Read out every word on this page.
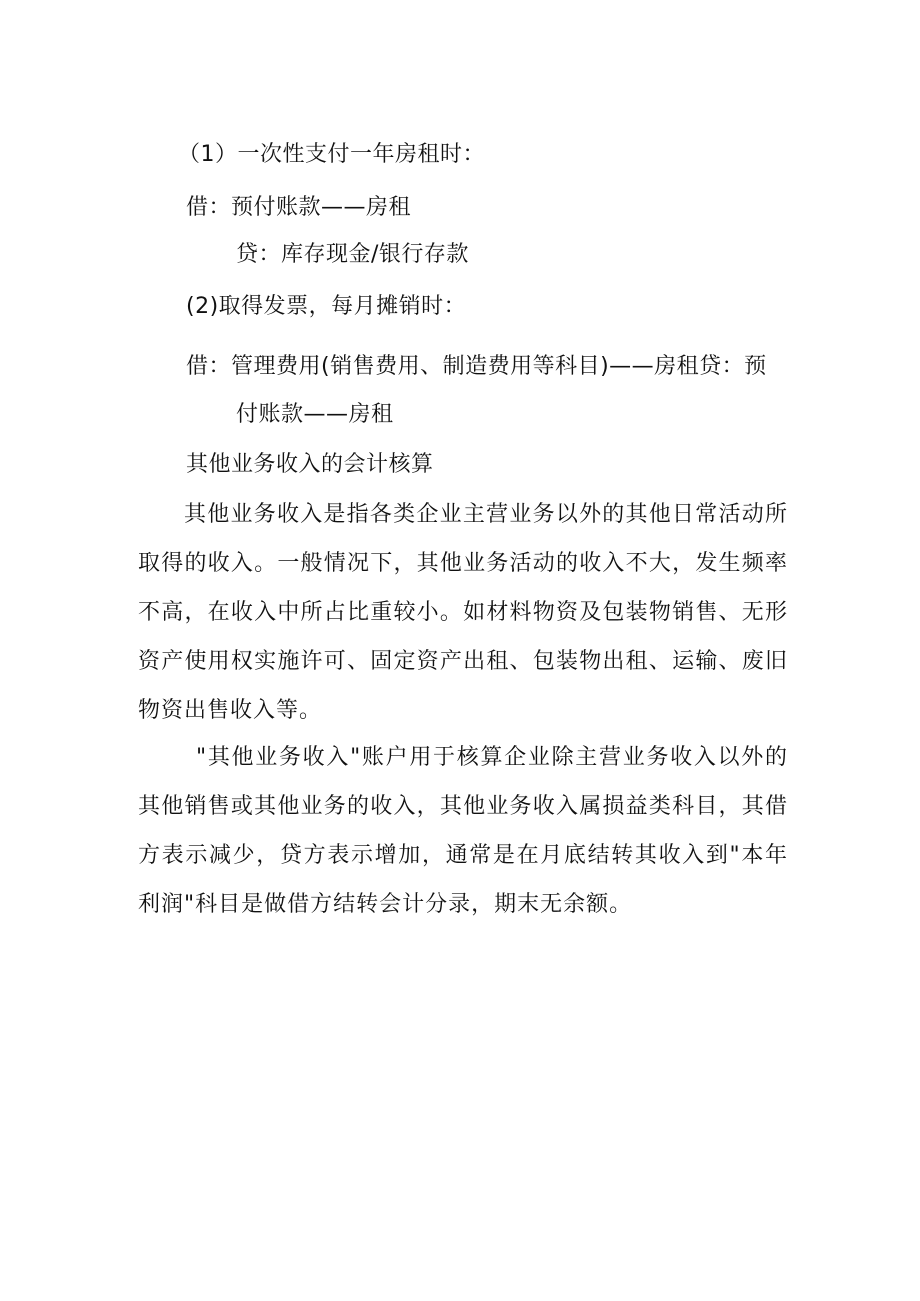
（1）一次性支付一年房租时：
借：预付账款——房租
贷：库存现金/银行存款
(2)取得发票，每月摊销时：
借：管理费用(销售费用、制造费用等科目)——房租贷：预
付账款——房租
其他业务收入的会计核算
其他业务收入是指各类企业主营业务以外的其他日常活动所取得的收入。一般情况下，其他业务活动的收入不大，发生频率不高，在收入中所占比重较小。如材料物资及包装物销售、无形资产使用权实施许可、固定资产出租、包装物出租、运输、废旧物资出售收入等。
"其他业务收入"账户用于核算企业除主营业务收入以外的其他销售或其他业务的收入，其他业务收入属损益类科目，其借方表示减少，贷方表示增加，通常是在月底结转其收入到"本年利润"科目是做借方结转会计分录，期末无余额。
